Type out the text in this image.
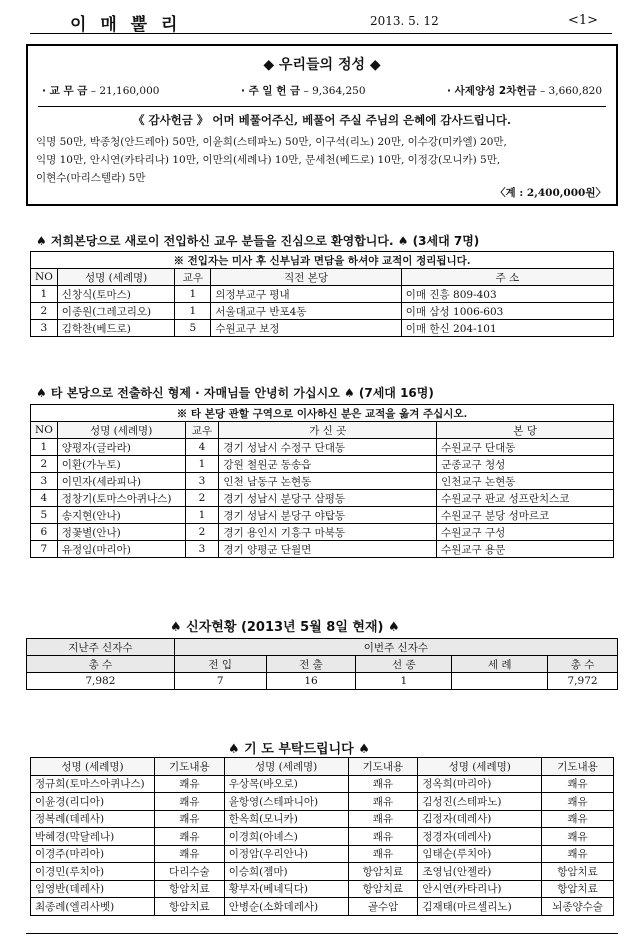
이 매 뿔 리	2013. 5. 12	<1>
◆ 우리들의 정성 ◆
· 교 무 금 – 21,160,000	· 주 일 헌 금 – 9,364,250	· 사제양성 2차헌금 – 3,660,820
《 감사헌금 》 어머 베풀어주신, 베풀어 주실 주님의 은혜에 감사드립니다.
익명 50만, 박종청(안드레아) 50만, 이윤희(스테파노) 50만, 이구석(리노) 20만, 이수강(미카엘) 20만,
익명 10만, 안시연(카타리나) 10만, 이만의(세례나) 10만, 문세천(베드로) 10만, 이정강(모니카) 5만,
이현수(마리스텔라) 5만
〈계 : 2,400,000원〉
♠ 저희본당으로 새로이 전입하신 교우 분들을 진심으로 환영합니다. ♠ (3세대 7명)
※ 전입자는 미사 후 신부님과 면담을 하셔야 교적이 정리됩니다.				
NO	성명 (세례명)	교우	직전 본당	주 소
1	신창식(토마스)	1	의정부교구 평내	이매 진흥 809-403
2	이종원(그레고리오)	1	서울대교구 반포4동	이매 삼성 1006-603
3	김학찬(베드로)	5	수원교구 보정	이매 한신 204-101
♠ 타 본당으로 전출하신 형제 · 자매님들 안녕히 가십시오 ♠ (7세대 16명)
※ 타 본당 관할 구역으로 이사하신 분은 교적을 옮겨 주십시오.				
NO	성명 (세례명)	교우	가 신 곳	본 당
1	양평자(글라라)	4	경기 성남시 수정구 단대동	수원교구 단대동
2	이환(가누토)	1	강원 철원군 동송읍	군종교구 청성
3	이민자(세라피나)	3	인천 남동구 논현동	인천교구 논현동
4	정창기(토마스아퀴나스)	2	경기 성남시 분당구 삼평동	수원교구 판교 성프란치스코
5	송지현(안나)	1	경기 성남시 분당구 야탑동	수원교구 분당 성마르코
6	정꽃별(안나)	2	경기 용인시 기흥구 마북동	수원교구 구성
7	유정임(마리아)	3	경기 양평군 단월면	수원교구 용문
♠ 신자현황 (2013년 5월 8일 현재) ♠
지난주 신자수	이번주 신자수				
총 수	전 입	전 출	선 종	세 례	총 수
7,982	7	16	1		7,972
♠ 기 도 부탁드립니다 ♠
성명 (세례명)	기도내용	성명 (세례명)	기도내용	성명 (세례명)	기도내용
정규희(토마스아퀴나스)	쾌유	우상목(바오로)	쾌유	정옥희(마리아)	쾌유
이윤경(리디아)	쾌유	윤항영(스테파니아)	쾌유	김성진(스테파노)	쾌유
정복례(데레사)	쾌유	한옥희(모니카)	쾌유	김정자(데레사)	쾌유
박혜경(막달레나)	쾌유	이경희(아녜스)	쾌유	정경자(데레사)	쾌유
이경주(마리아)	쾌유	이정암(우리안나)	쾌유	임태순(루치아)	쾌유
이경민(루치아)	다리수술	이승희(젬마)	항암치료	조영님(안젤라)	항암치료
임영반(데레사)	항암치료	황부자(베네딕다)	항암치료	안시연(카타리나)	항암치료
최종례(엘리사벳)	항암치료	안병순(소화데레사)	골수암	김재태(마르셀리노)	뇌종양수술
